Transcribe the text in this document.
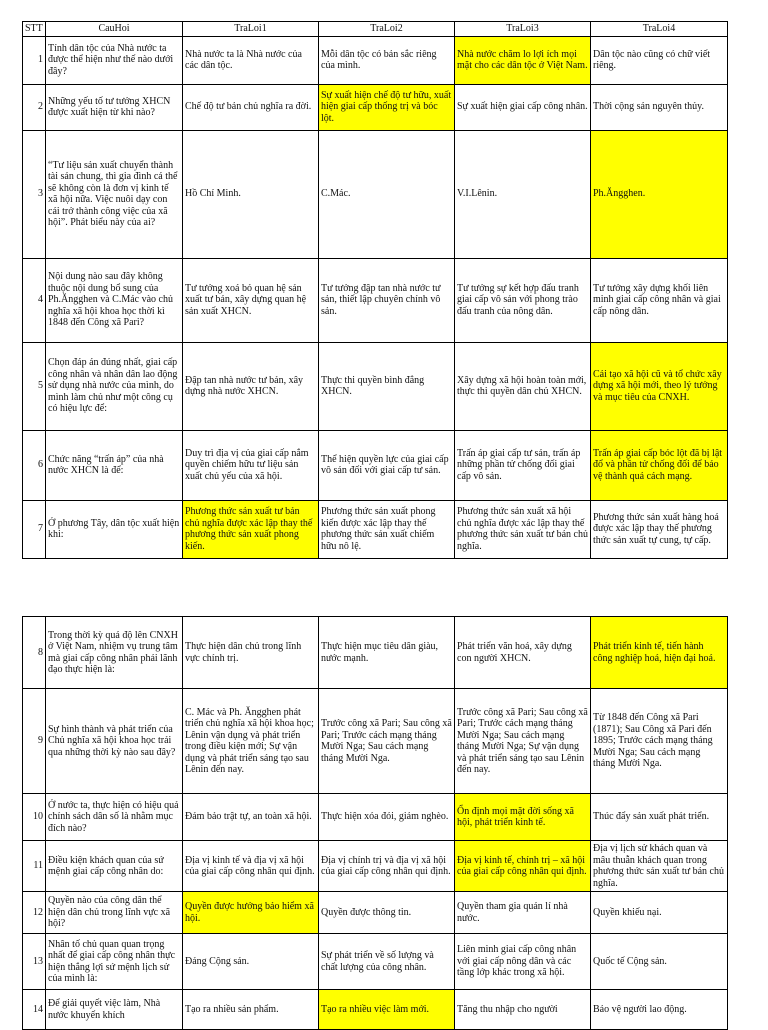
STT	CauHoi	TraLoi1	TraLoi2	TraLoi3	TraLoi4
1	Tính dân tộc của Nhà nước ta được thể hiện như thế nào dưới đây?	Nhà nước ta là Nhà nước của các dân tộc.	Mỗi dân tộc có bản sắc riêng của mình.	Nhà nước chăm lo lợi ích mọi mặt cho các dân tộc ở Việt Nam.	Dân tộc nào cũng có chữ viết riêng.
2	Những yếu tố tư tưởng XHCN được xuất hiện từ khi nào?	Chế độ tư bản chủ nghĩa ra đời.	Sự xuất hiện chế độ tư hữu, xuất hiện giai cấp thống trị và bóc lột.	Sự xuất hiện giai cấp công nhân.	Thời cộng sản nguyên thủy.
3	“Tư liệu sản xuất chuyển thành tài sản chung, thì gia đình cá thể sẽ không còn là đơn vị kinh tế xã hội nữa. Việc nuôi dạy con cái trở thành công việc của xã hội”. Phát biểu này của ai?	Hồ Chí Minh.	C.Mác.	V.I.Lênin.	Ph.Ăngghen.
4	Nội dung nào sau đây không thuộc nội dung bổ sung của Ph.Ăngghen và C.Mác vào chủ nghĩa xã hội khoa học thời kì 1848 đến Công xã Pari?	Tư tưởng xoá bỏ quan hệ sản xuất tư bản, xây dựng quan hệ sản xuất XHCN.	Tư tưởng đập tan nhà nước tư sản, thiết lập chuyên chính vô sản.	Tư tưởng sự kết hợp đấu tranh giai cấp vô sản với phong trào đấu tranh của nông dân.	Tư tưởng xây dựng khối liên minh giai cấp công nhân và giai cấp nông dân.
5	Chọn đáp án đúng nhất, giai cấp công nhân và nhân dân lao động sử dụng nhà nước của mình, do mình làm chủ như một công cụ có hiệu lực để:	Đập tan nhà nước tư bản, xây dựng nhà nước XHCN.	Thực thi quyền bình đẳng XHCN.	Xây dựng xã hội hoàn toàn mới, thực thi quyền dân chủ XHCN.	Cải tạo xã hội cũ và tổ chức xây dựng xã hội mới, theo lý tưởng và mục tiêu của CNXH.
6	Chức năng “trấn áp” của nhà nước XHCN là để:	Duy trì địa vị của giai cấp nắm quyền chiếm hữu tư liệu sản xuất chủ yếu của xã hội.	Thể hiện quyền lực của giai cấp vô sản đối với giai cấp tư sản.	Trấn áp giai cấp tư sản, trấn áp những phần tử chống đối giai cấp vô sản.	Trấn áp giai cấp bóc lột đã bị lật đổ và phần tử chống đối để bảo vệ thành quả cách mạng.
7	Ở phương Tây, dân tộc xuất hiện khi:	Phương thức sản xuất tư bản chủ nghĩa được xác lập thay thế phương thức sản xuất phong kiến.	Phương thức sản xuất phong kiến được xác lập thay thế phương thức sản xuất chiếm hữu nô lệ.	Phương thức sản xuất xã hội chủ nghĩa được xác lập thay thế phương thức sản xuất tư bản chủ nghĩa.	Phương thức sản xuất hàng hoá được xác lập thay thế phương thức sản xuất tự cung, tự cấp.
8	Trong thời kỳ quá độ lên CNXH ở Việt Nam, nhiệm vụ trung tâm mà giai cấp công nhân phải lãnh đạo thực hiện là:	Thực hiện dân chủ trong lĩnh vực chính trị.	Thực hiện mục tiêu dân giàu, nước mạnh.	Phát triển văn hoá, xây dựng con người XHCN.	Phát triển kinh tế, tiến hành công nghiệp hoá, hiện đại hoá.
9	Sự hình thành và phát triển của Chủ nghĩa xã hội khoa học trải qua những thời kỳ nào sau đây?	C. Mác và Ph. Ăngghen phát triển chủ nghĩa xã hội khoa học; Lênin vận dụng và phát triển trong điều kiện mới; Sự vận dụng và phát triển sáng tạo sau Lênin đến nay.	Trước công xã Pari; Sau công xã Pari; Trước cách mạng tháng Mười Nga; Sau cách mạng tháng Mười Nga.	Trước công xã Pari; Sau công xã Pari; Trước cách mạng tháng Mười Nga; Sau cách mạng tháng Mười Nga; Sự vận dụng và phát triển sáng tạo sau Lênin đến nay.	Từ 1848 đến Công xã Pari (1871); Sau Công xã Pari đến 1895; Trước cách mạng tháng Mười Nga; Sau cách mạng tháng Mười Nga.
10	Ở nước ta, thực hiện có hiệu quả chính sách dân số là nhằm mục đích nào?	Đảm bảo trật tự, an toàn xã hội.	Thực hiện xóa đói, giảm nghèo.	Ổn định mọi mặt đời sống xã hội, phát triển kinh tế.	Thúc đẩy sản xuất phát triển.
11	Điều kiện khách quan của sứ mệnh giai cấp công nhân do:	Địa vị kinh tế và địa vị xã hội của giai cấp công nhân qui định.	Địa vị chính trị và địa vị xã hội của giai cấp công nhân qui định.	Địa vị kinh tế, chính trị – xã hội của giai cấp công nhân qui định.	Địa vị lịch sử khách quan và mâu thuẫn khách quan trong phương thức sản xuất tư bản chủ nghĩa.
12	Quyền nào của công dân thể hiện dân chủ trong lĩnh vực xã hội?	Quyền được hưởng bảo hiểm xã hội.	Quyền được thông tin.	Quyền tham gia quản lí nhà nước.	Quyền khiếu nại.
13	Nhân tố chủ quan quan trọng nhất để giai cấp công nhân thực hiện thắng lợi sứ mệnh lịch sử của mình là:	Đảng Cộng sản.	Sự phát triển về số lượng và chất lượng của công nhân.	Liên minh giai cấp công nhân với giai cấp nông dân và các tầng lớp khác trong xã hội.	Quốc tế Cộng sản.
14	Để giải quyết việc làm, Nhà nước khuyến khích	Tạo ra nhiều sản phẩm.	Tạo ra nhiều việc làm mới.	Tăng thu nhập cho người	Bảo vệ người lao động.
